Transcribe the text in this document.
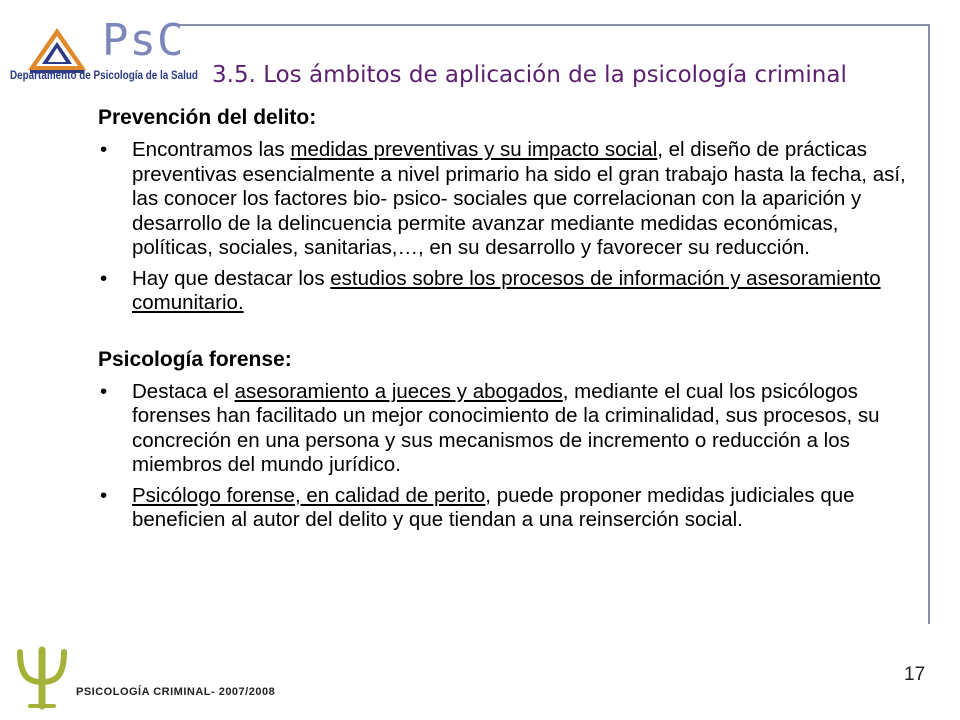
PsC
Departamento de Psicología de la Salud 3.5. Los ámbitos de aplicación de la psicología criminal

Prevención del delito:

• Encontramos las medidas preventivas y su impacto social, el diseño de prácticas preventivas esencialmente a nivel primario ha sido el gran trabajo hasta la fecha, así, las conocer los factores bio- psico- sociales que correlacionan con la aparición y desarrollo de la delincuencia permite avanzar mediante medidas económicas, políticas, sociales, sanitarias,…, en su desarrollo y favorecer su reducción.
• Hay que destacar los estudios sobre los procesos de información y asesoramiento comunitario.

Psicología forense:

• Destaca el asesoramiento a jueces y abogados, mediante el cual los psicólogos forenses han facilitado un mejor conocimiento de la criminalidad, sus procesos, su concreción en una persona y sus mecanismos de incremento o reducción a los miembros del mundo jurídico.
• Psicólogo forense, en calidad de perito, puede proponer medidas judiciales que beneficien al autor del delito y que tiendan a una reinserción social.
PSICOLOGÍA CRIMINAL- 2007/2008
17
